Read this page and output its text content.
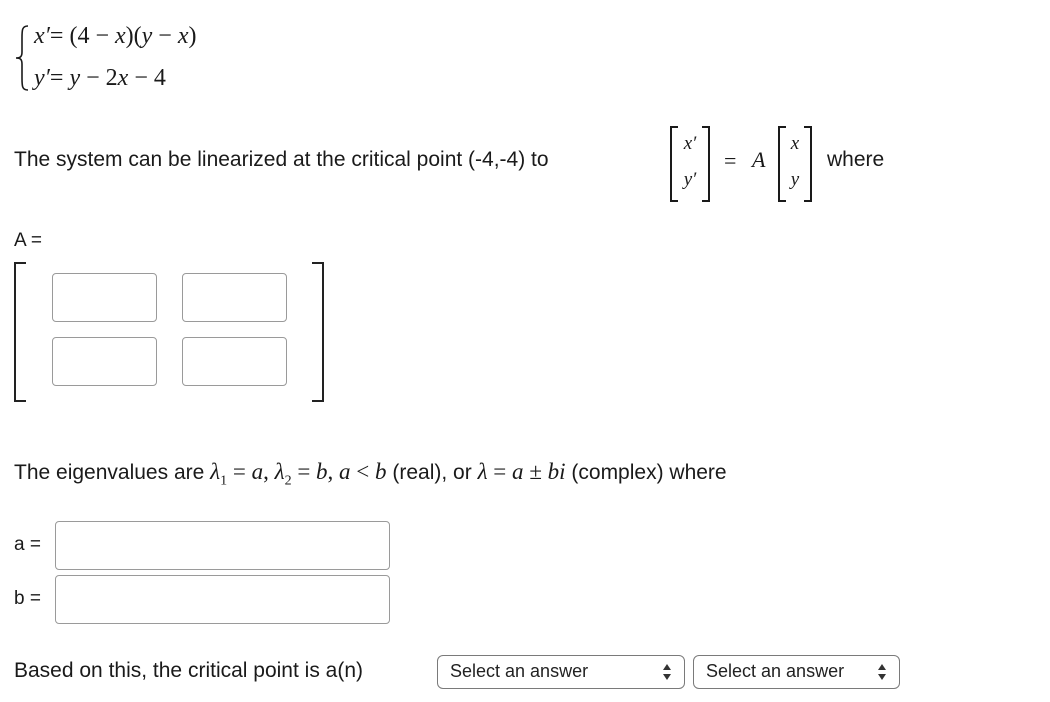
x′= (4 − x)(y − x)
y′= y − 2x − 4
The system can be linearized at the critical point (-4,-4) to
x′
y′
= A
x
y
where
A =
The eigenvalues are $\lambda_1 = a$, $\lambda_2 = b$, a < b (real), or λ = a ± bi (complex) where
a =
b =
Based on this, the critical point is a(n)	Select an answer	Select an answer
